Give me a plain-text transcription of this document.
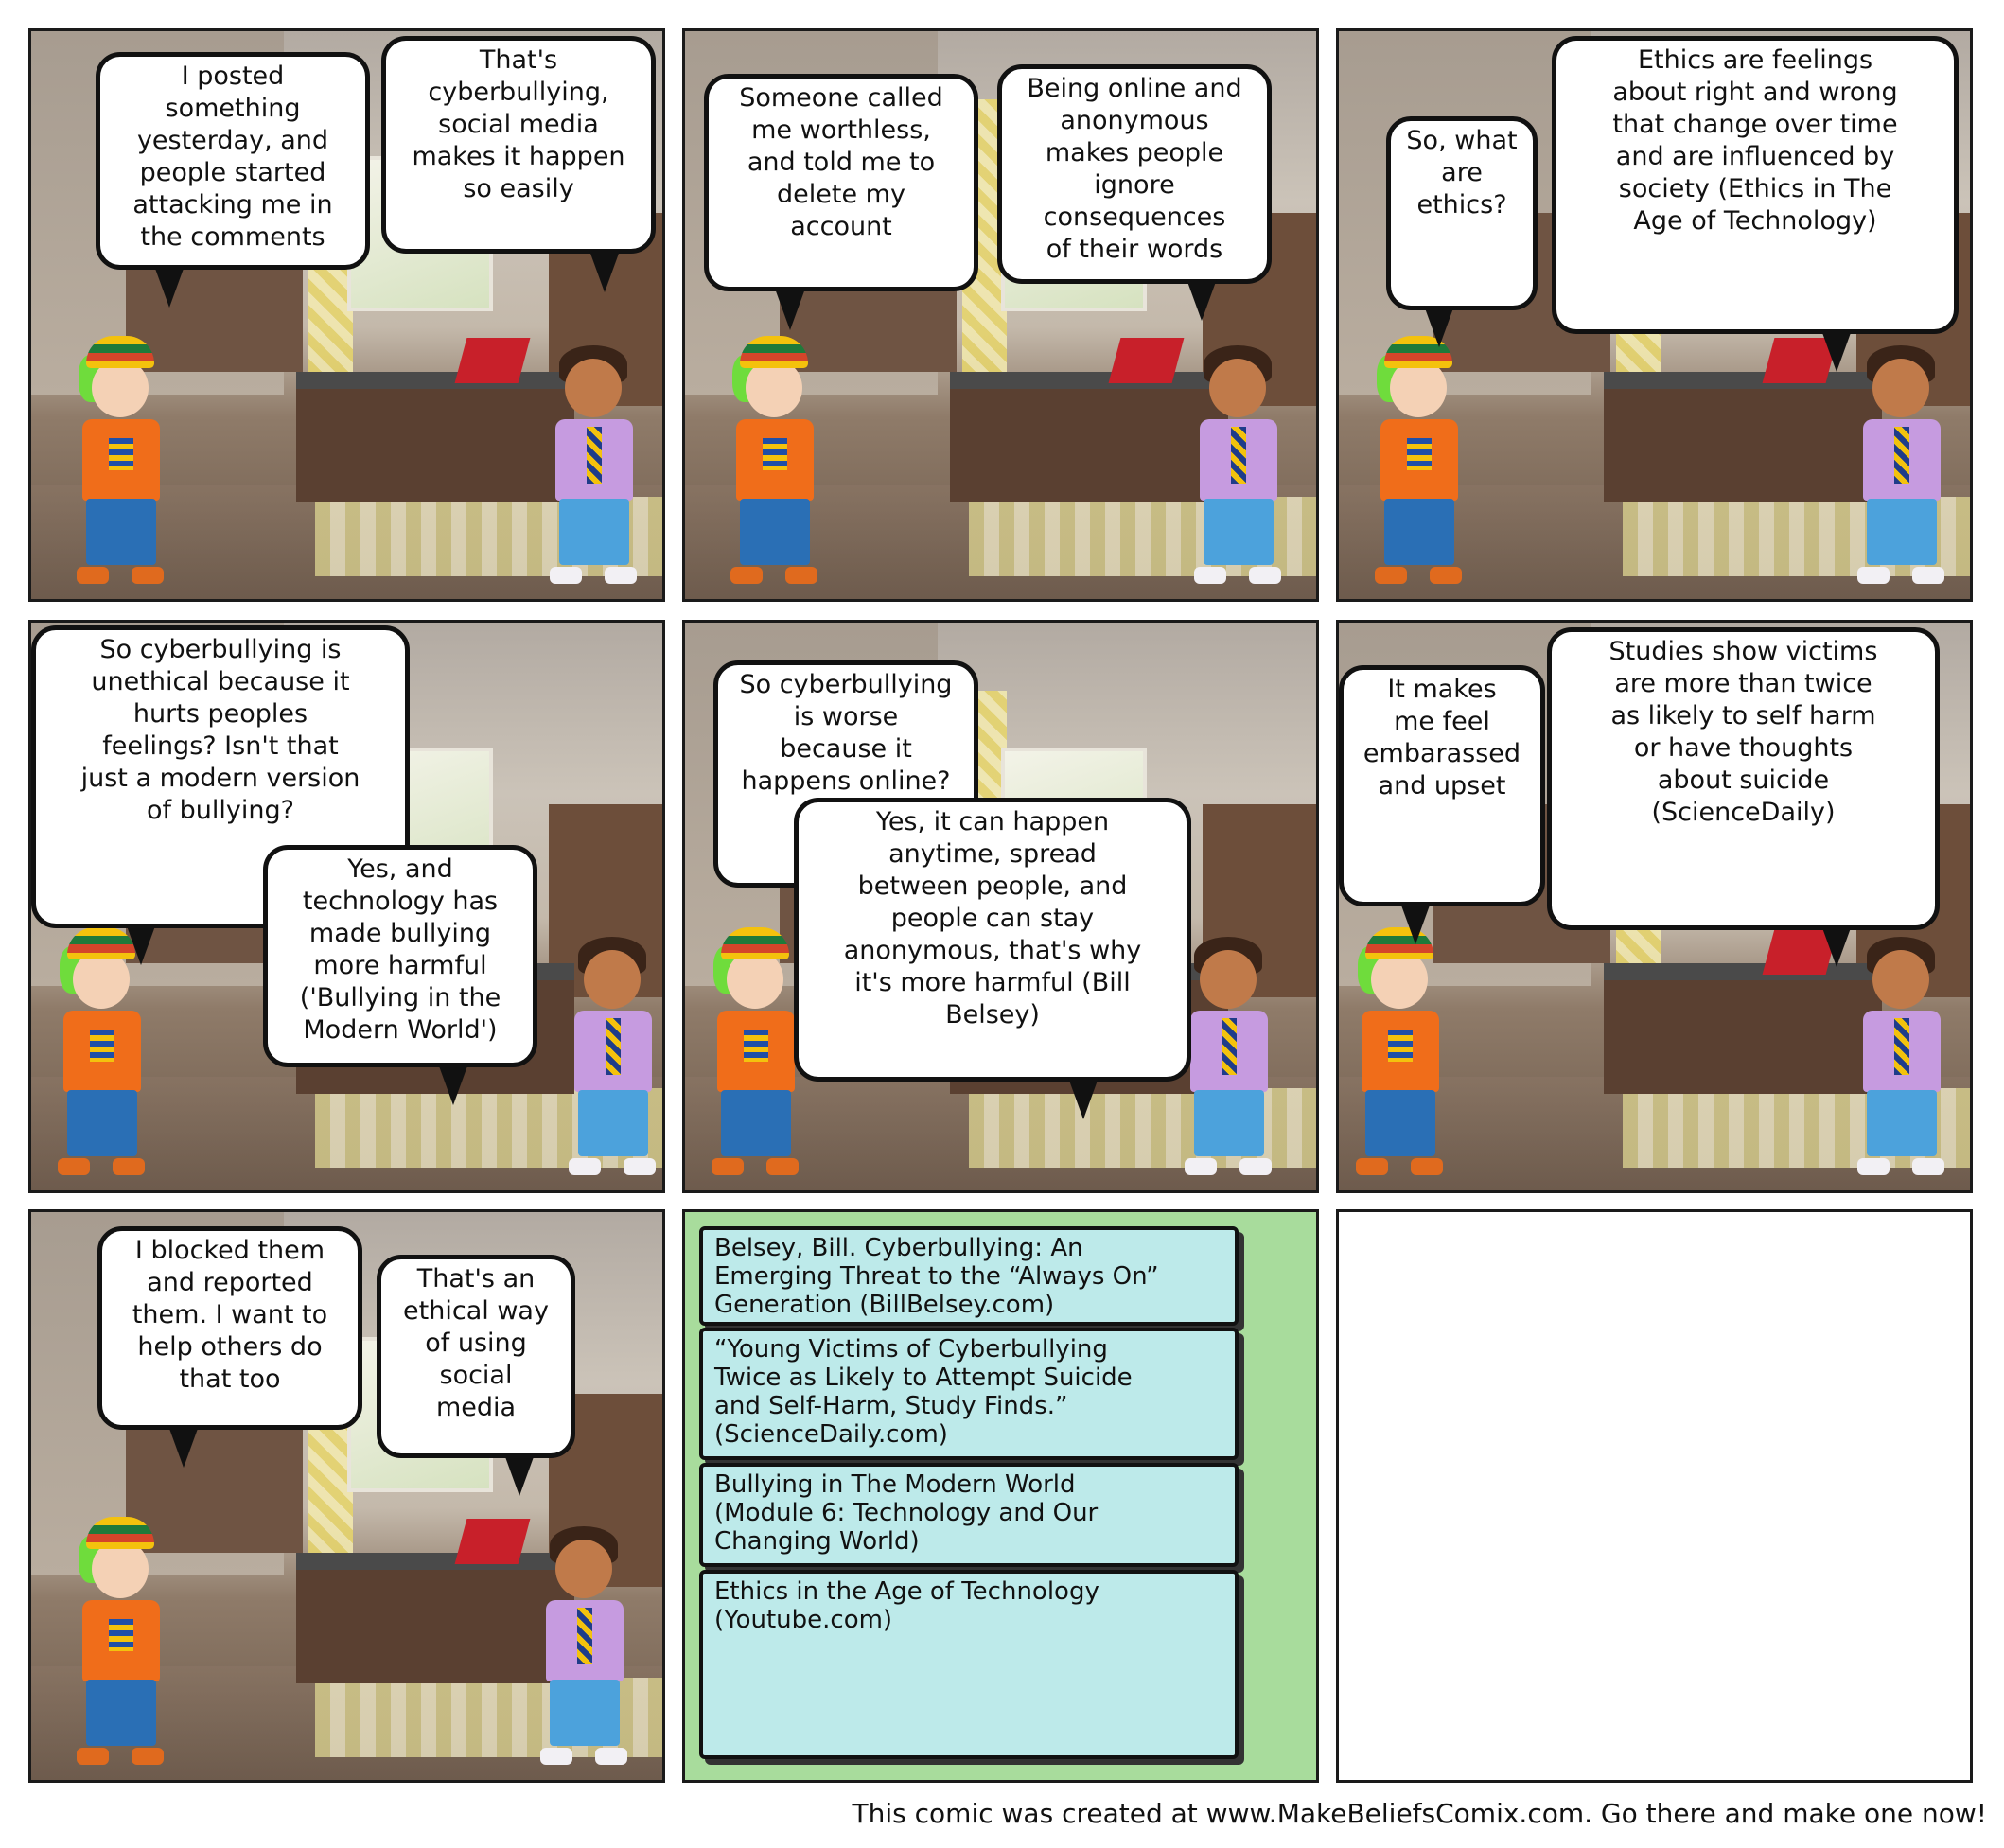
I posted
something
yesterday, and
people started
attacking me in
the comments
That's
cyberbullying,
social media
makes it happen
so easily
Someone called
me worthless,
and told me to
delete my
account
Being online and
anonymous
makes people
ignore
consequences
of their words
So, what
are
ethics?
Ethics are feelings
about right and wrong
that change over time
and are influenced by
society (Ethics in The
Age of Technology)
So cyberbullying is
unethical because it
hurts peoples
feelings? Isn't that
just a modern version
of bullying?
Yes, and
technology has
made bullying
more harmful
('Bullying in the
Modern World')
So cyberbullying
is worse
because it
happens online?
Yes, it can happen
anytime, spread
between people, and
people can stay
anonymous, that's why
it's more harmful (Bill
Belsey)
It makes
me feel
embarassed
and upset
Studies show victims
are more than twice
as likely to self harm
or have thoughts
about suicide
(ScienceDaily)
I blocked them
and reported
them. I want to
help others do
that too
That's an
ethical way
of using
social
media
Belsey, Bill. Cyberbullying: An
Emerging Threat to the “Always On”
Generation (BillBelsey.com)
“Young Victims of Cyberbullying
Twice as Likely to Attempt Suicide
and Self-Harm, Study Finds.”
(ScienceDaily.com)
Bullying in The Modern World
(Module 6: Technology and Our
Changing World)
Ethics in the Age of Technology
(Youtube.com)
This comic was created at www.MakeBeliefsComix.com. Go there and make one now!
